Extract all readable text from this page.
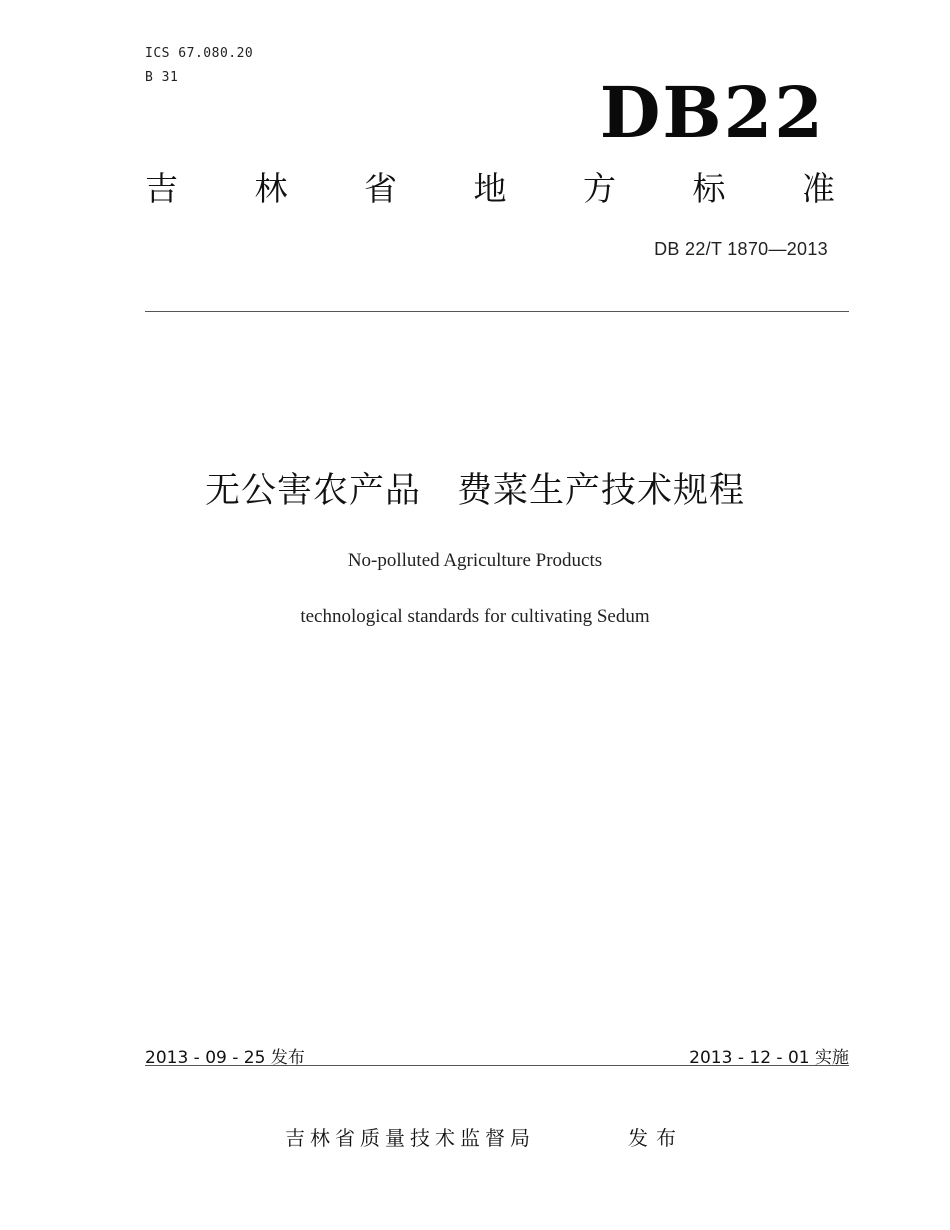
ICS 67.080.20
B 31	DB22
吉 林 省 地 方 标 准
DB 22/T 1870—2013
无公害农产品　费菜生产技术规程
No-polluted Agriculture Products
technological standards for cultivating Sedum
2013 - 09 - 25 发布	2013 - 12 - 01 实施
吉林省质量技术监督局	发布
